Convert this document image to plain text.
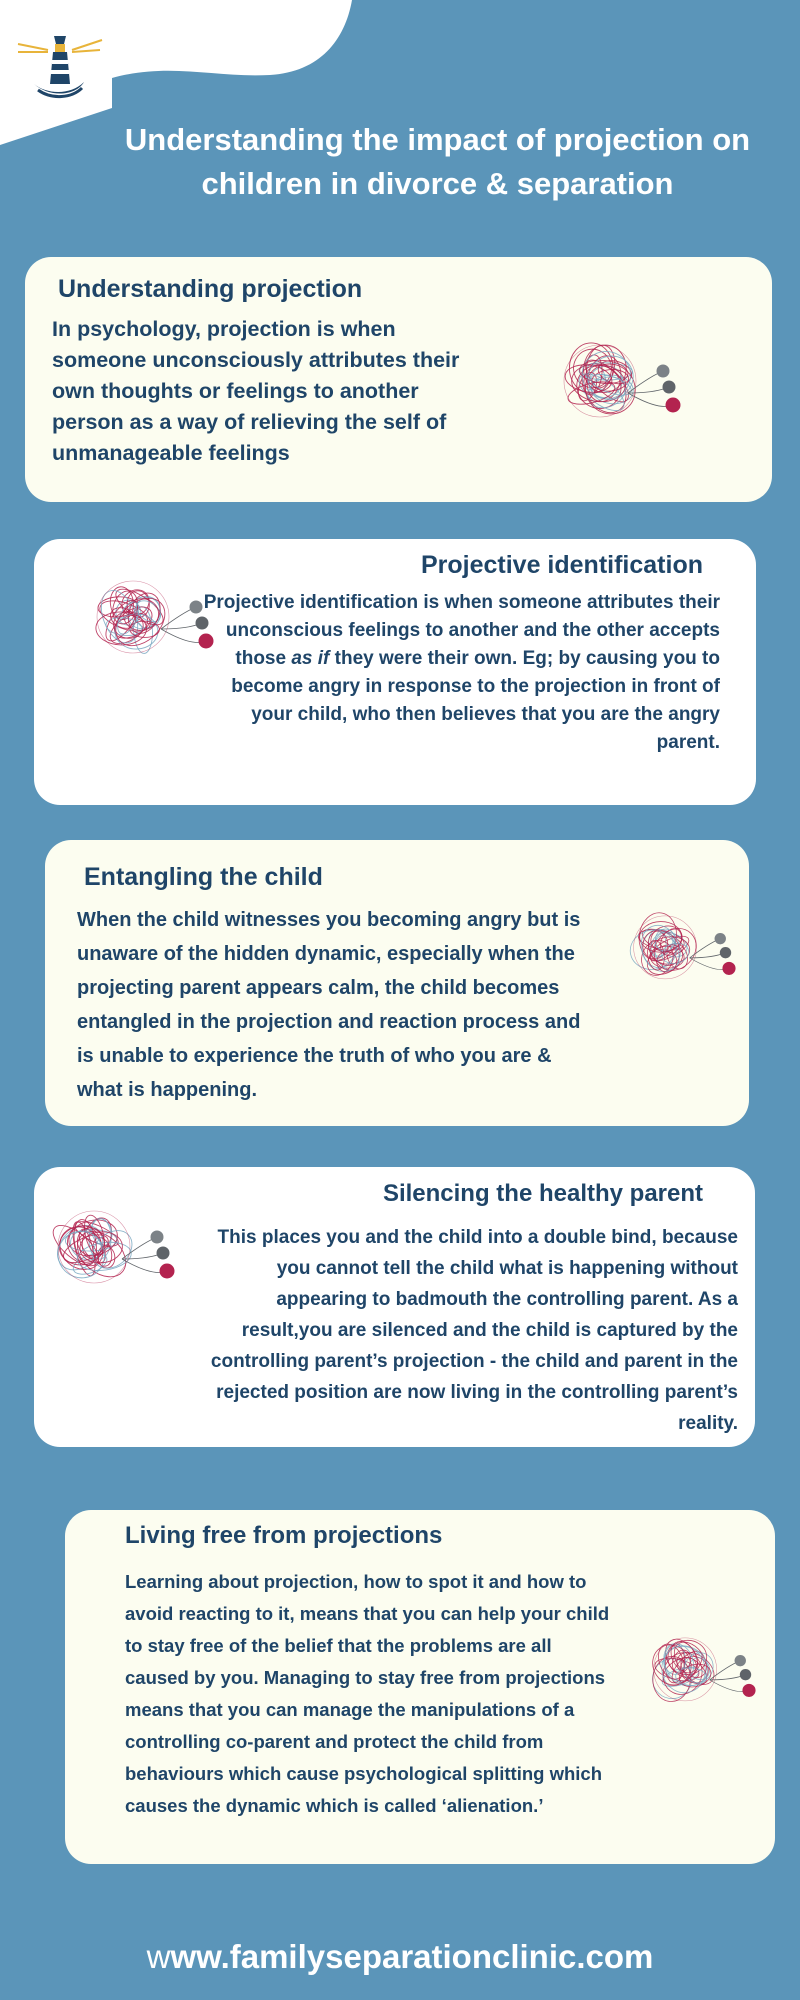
Understanding the impact of projection on children in divorce & separation
Understanding projection

In psychology, projection is when someone unconsciously attributes their own thoughts or feelings to another person as a way of relieving the self of unmanageable feelings

Projective identification

Projective identification is when someone attributes their unconscious feelings to another and the other accepts those as if they were their own. Eg; by causing you to become angry in response to the projection in front of your child, who then believes that you are the angry parent.

Entangling the child

When the child witnesses you becoming angry but is unaware of the hidden dynamic, especially when the projecting parent appears calm, the child becomes entangled in the projection and reaction process and is unable to experience the truth of who you are & what is happening.

Silencing the healthy parent

This places you and the child into a double bind, because you cannot tell the child what is happening without appearing to badmouth the controlling parent. As a result,you are silenced and the child is captured by the controlling parent’s projection - the child and parent in the rejected position are now living in the controlling parent’s reality.

Living free from projections

Learning about projection, how to spot it and how to avoid reacting to it, means that you can help your child to stay free of the belief that the problems are all caused by you. Managing to stay free from projections means that you can manage the manipulations of a controlling co-parent and protect the child from behaviours which cause psychological splitting which causes the dynamic which is called ‘alienation.’

www.familyseparationclinic.com
